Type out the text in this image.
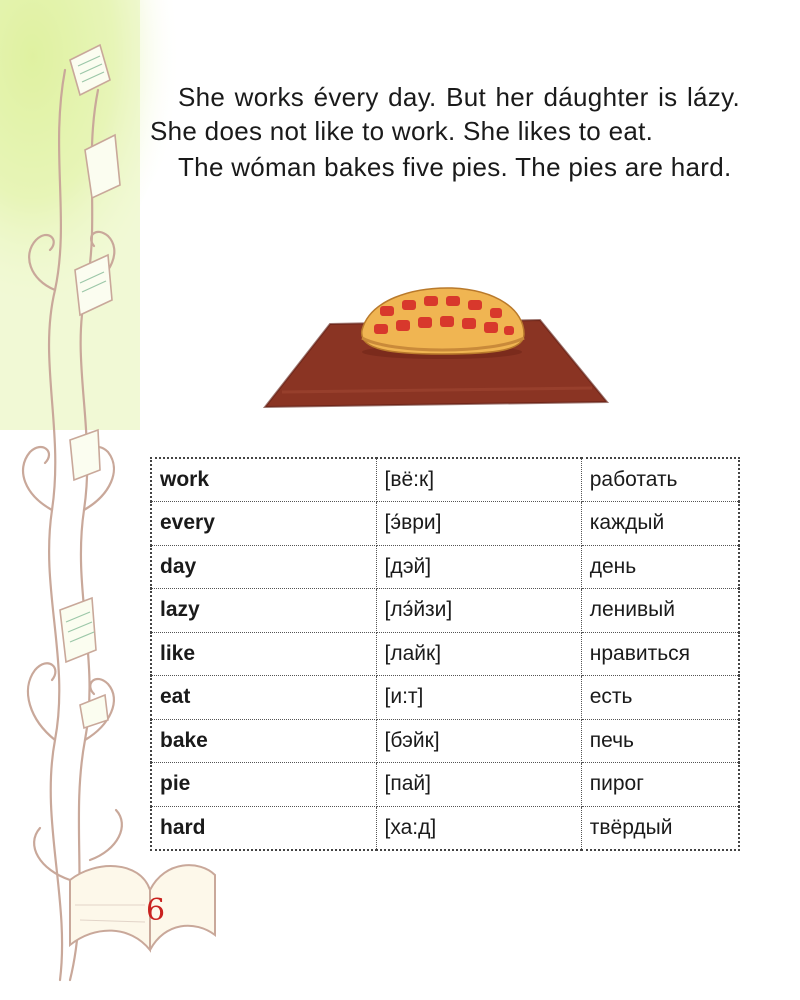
She works évery day. But her dáughter is lázy. She does not like to work. She likes to eat.

The wóman bakes five pies. The pies are hard.

work	[вё:к]	работать
every	[э́ври]	каждый
day	[дэй]	день
lazy	[лэ́йзи]	ленивый
like	[лайк]	нравиться
eat	[и:т]	есть
bake	[бэйк]	печь
pie	[пай]	пирог
hard	[ха:д]	твёрдый
6
